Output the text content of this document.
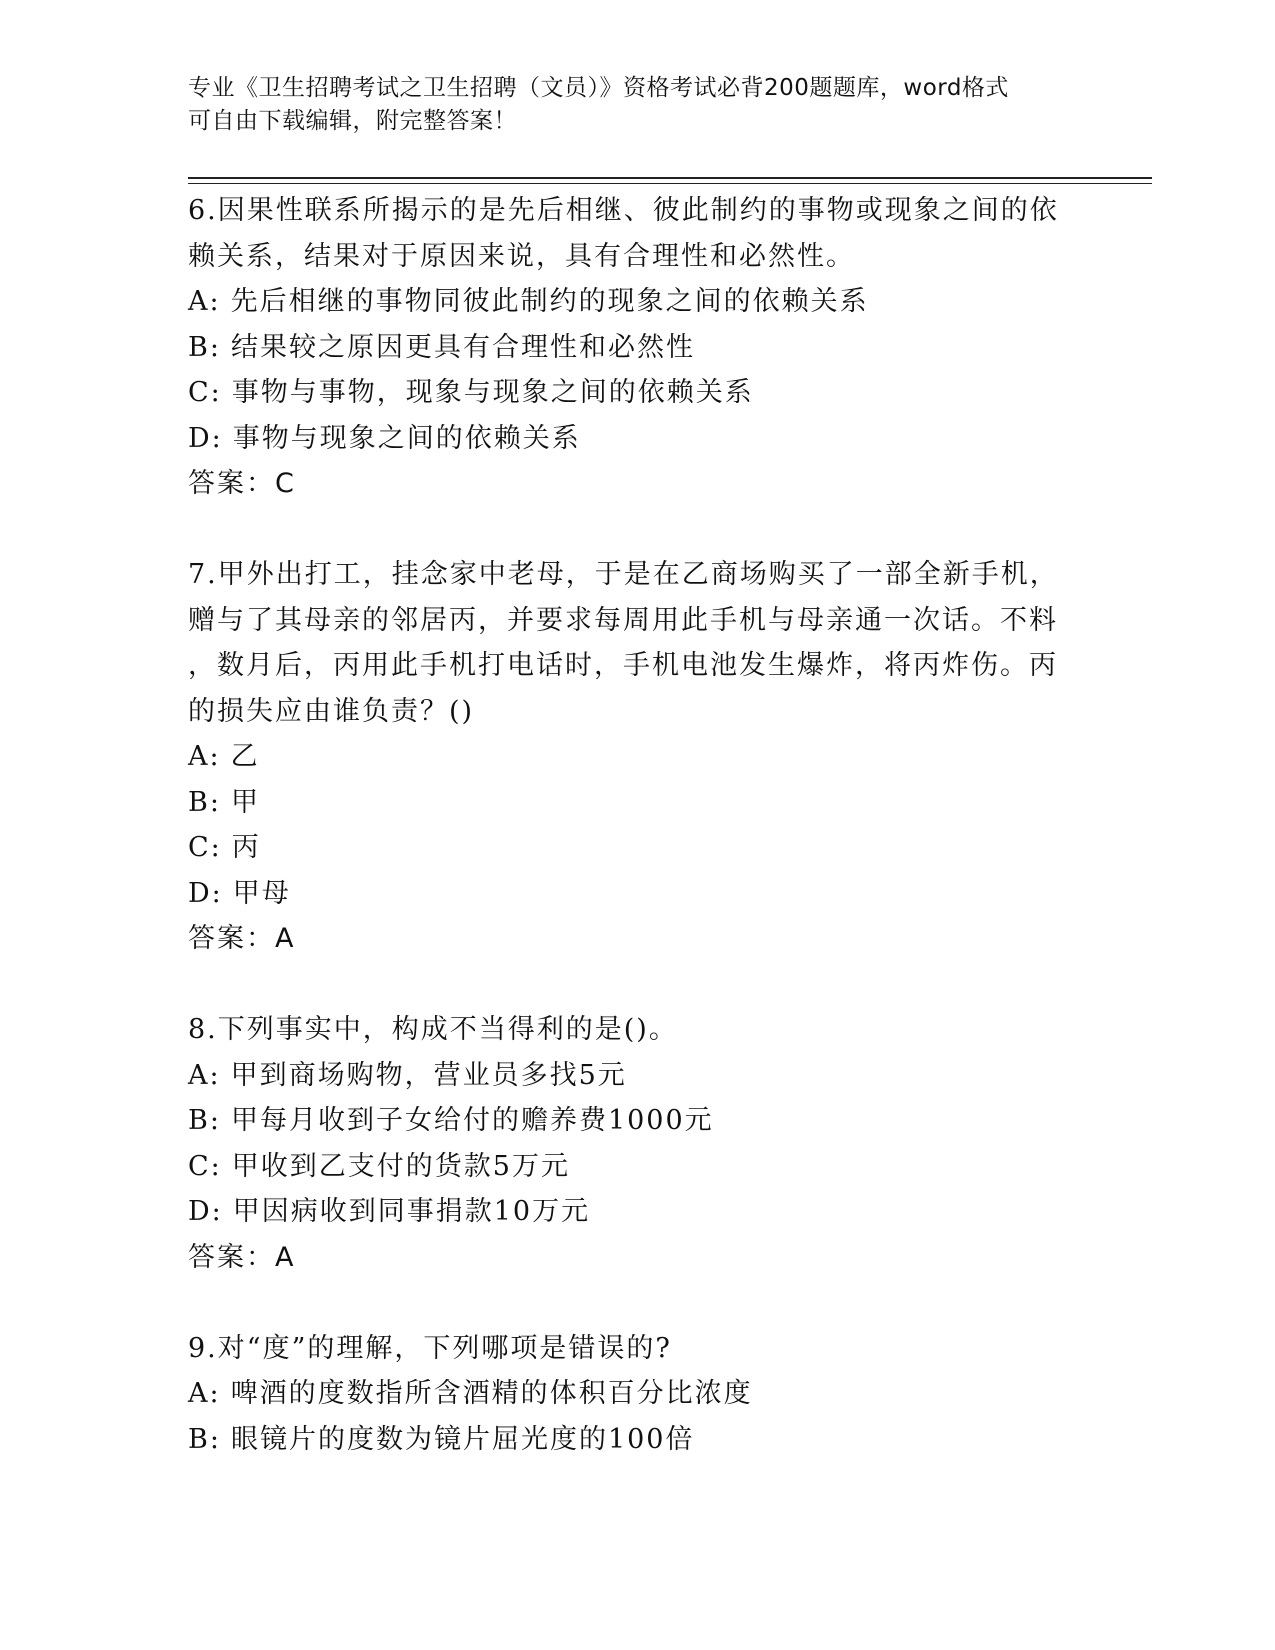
专业《卫生招聘考试之卫生招聘（文员）》资格考试必背200题题库，word格式
可自由下载编辑，附完整答案！

6.因果性联系所揭示的是先后相继、彼此制约的事物或现象之间的依

赖关系，结果对于原因来说，具有合理性和必然性。

A: 先后相继的事物同彼此制约的现象之间的依赖关系

B: 结果较之原因更具有合理性和必然性

C: 事物与事物，现象与现象之间的依赖关系

D: 事物与现象之间的依赖关系

答案：C

7.甲外出打工，挂念家中老母，于是在乙商场购买了一部全新手机，

赠与了其母亲的邻居丙，并要求每周用此手机与母亲通一次话。不料

，数月后，丙用此手机打电话时，手机电池发生爆炸，将丙炸伤。丙

的损失应由谁负责？()

A: 乙

B: 甲

C: 丙

D: 甲母

答案：A

8.下列事实中，构成不当得利的是()。

A: 甲到商场购物，营业员多找5元

B: 甲每月收到子女给付的赡养费1000元

C: 甲收到乙支付的货款5万元

D: 甲因病收到同事捐款10万元

答案：A

9.对“度”的理解，下列哪项是错误的?

A: 啤酒的度数指所含酒精的体积百分比浓度

B: 眼镜片的度数为镜片屈光度的100倍
